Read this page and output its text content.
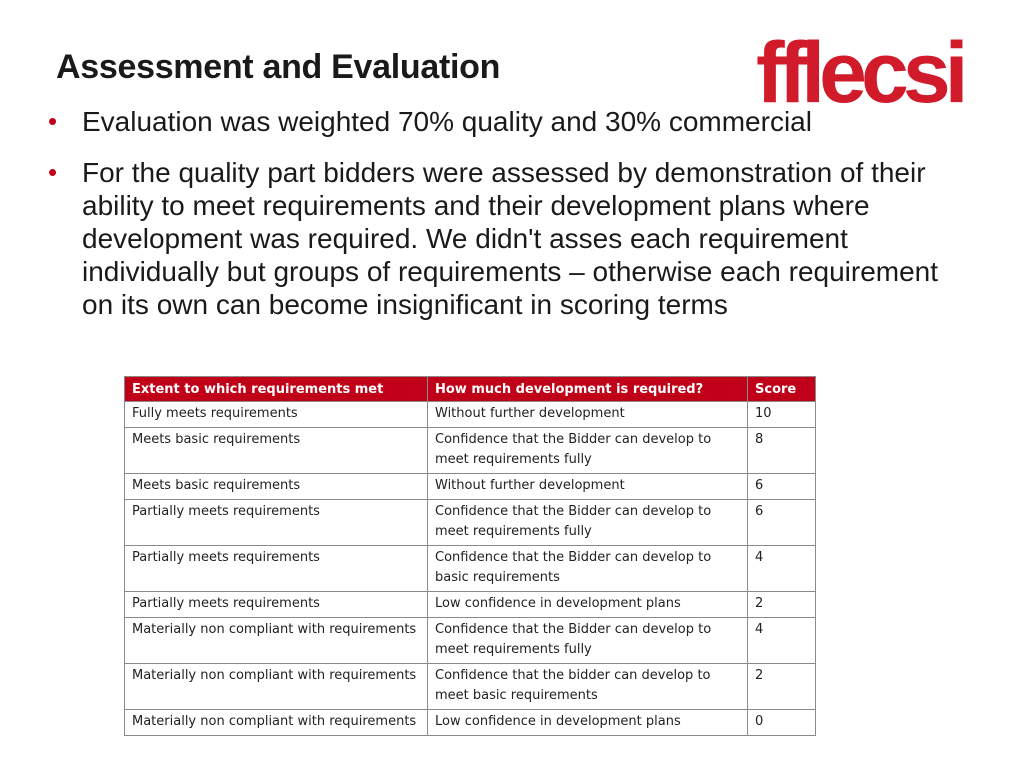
Assessment and Evaluation	fflecsi
• Evaluation was weighted 70% quality and 30% commercial
• For the quality part bidders were assessed by demonstration of their ability to meet requirements and their development plans where development was required. We didn't asses each requirement individually but groups of requirements – otherwise each requirement on its own can become insignificant in scoring terms
Extent to which requirements met	How much development is required?	Score
Fully meets requirements	Without further development	10
Meets basic requirements	Confidence that the Bidder can develop to meet requirements fully	8
Meets basic requirements	Without further development	6
Partially meets requirements	Confidence that the Bidder can develop to meet requirements fully	6
Partially meets requirements	Confidence that the Bidder can develop to basic requirements	4
Partially meets requirements	Low confidence in development plans	2
Materially non compliant with requirements	Confidence that the Bidder can develop to meet requirements fully	4
Materially non compliant with requirements	Confidence that the bidder can develop to meet basic requirements	2
Materially non compliant with requirements	Low confidence in development plans	0
